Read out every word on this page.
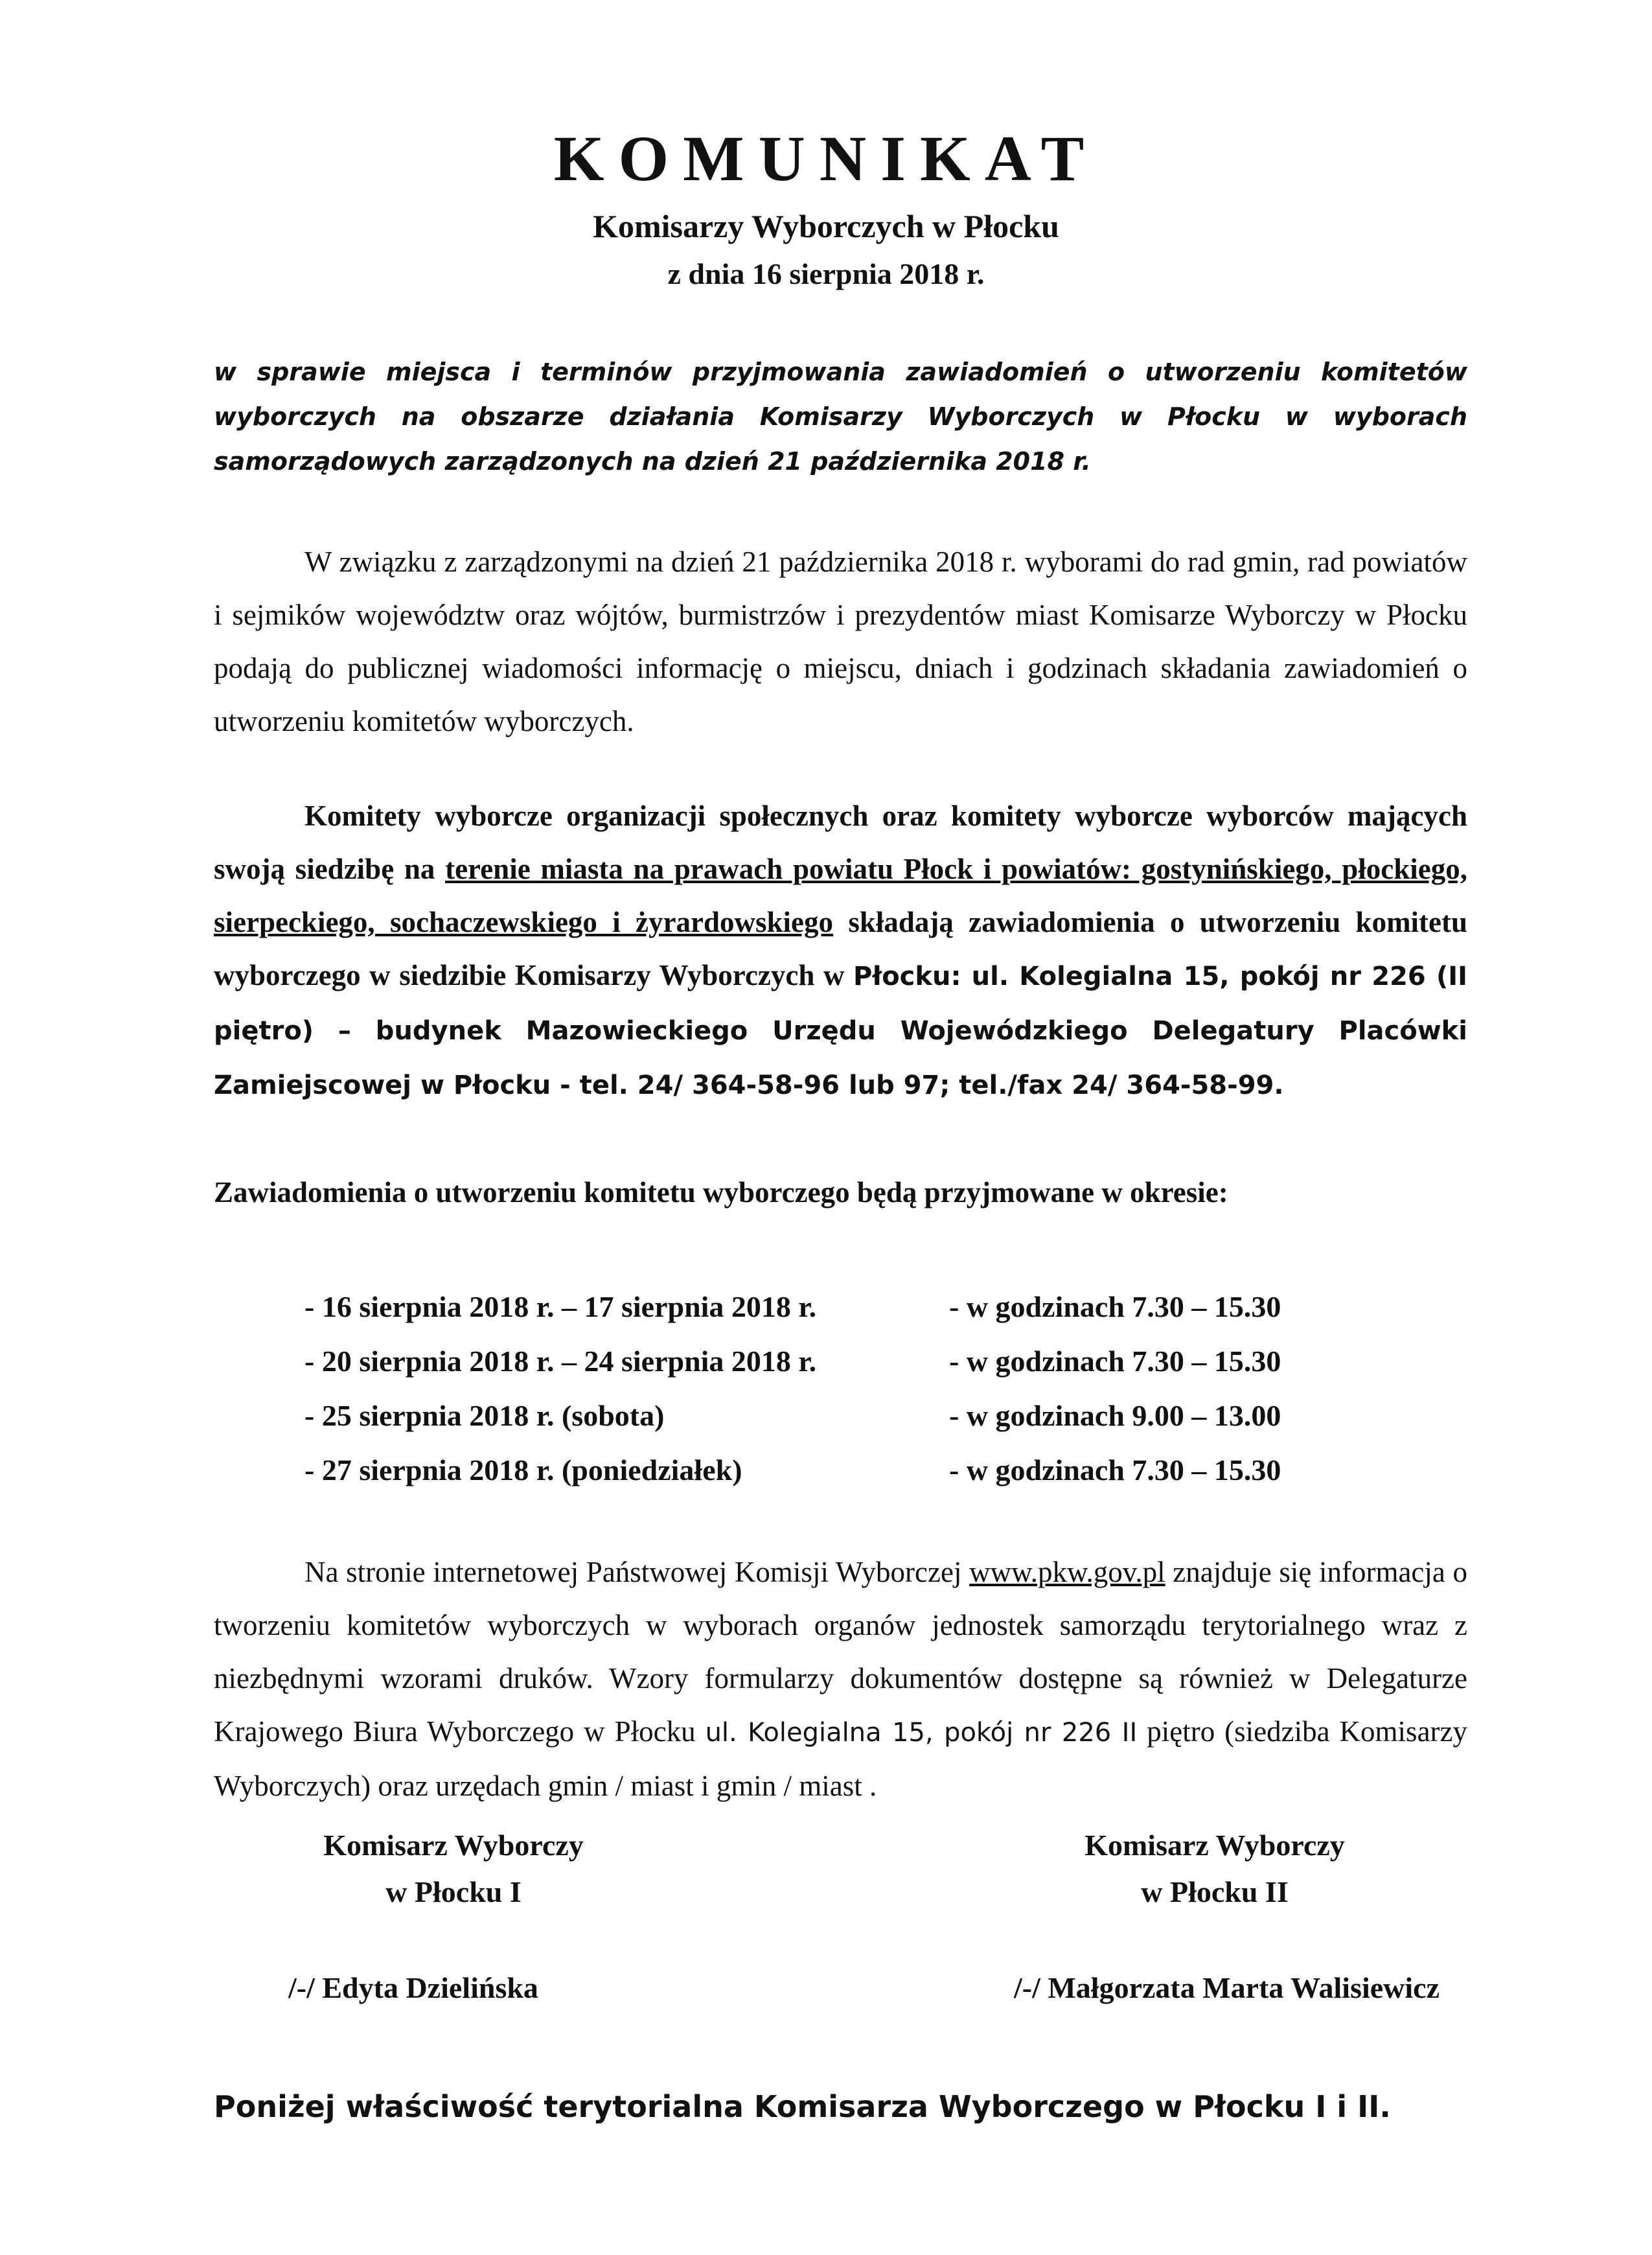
KOMUNIKAT
Komisarzy Wyborczych w Płocku
z dnia 16 sierpnia 2018 r.
w sprawie miejsca i terminów przyjmowania zawiadomień o utworzeniu komitetów wyborczych na obszarze działania Komisarzy Wyborczych w Płocku w wyborach samorządowych zarządzonych na dzień 21 października 2018 r.
W związku z zarządzonymi na dzień 21 października 2018 r. wyborami do rad gmin, rad powiatów i sejmików województw oraz wójtów, burmistrzów i prezydentów miast Komisarze Wyborczy w Płocku podają do publicznej wiadomości informację o miejscu, dniach i godzinach składania zawiadomień o utworzeniu komitetów wyborczych.
Komitety wyborcze organizacji społecznych oraz komitety wyborcze wyborców mających swoją siedzibę na terenie miasta na prawach powiatu Płock i powiatów: gostynińskiego, płockiego, sierpeckiego, sochaczewskiego i żyrardowskiego składają zawiadomienia o utworzeniu komitetu wyborczego w siedzibie Komisarzy Wyborczych w Płocku: ul. Kolegialna 15, pokój nr 226 (II piętro) – budynek Mazowieckiego Urzędu Wojewódzkiego Delegatury Placówki Zamiejscowej w Płocku - tel. 24/ 364-58-96 lub 97; tel./fax 24/ 364-58-99.
Zawiadomienia o utworzeniu komitetu wyborczego będą przyjmowane w okresie:
- 16 sierpnia 2018 r. – 17 sierpnia 2018 r.	- w godzinach 7.30 – 15.30
- 20 sierpnia 2018 r. – 24 sierpnia 2018 r.	- w godzinach 7.30 – 15.30
- 25 sierpnia 2018 r. (sobota)	- w godzinach 9.00 – 13.00
- 27 sierpnia 2018 r. (poniedziałek)	- w godzinach 7.30 – 15.30
Na stronie internetowej Państwowej Komisji Wyborczej www.pkw.gov.pl znajduje się informacja o tworzeniu komitetów wyborczych w wyborach organów jednostek samorządu terytorialnego wraz z niezbędnymi wzorami druków. Wzory formularzy dokumentów dostępne są również w Delegaturze Krajowego Biura Wyborczego w Płocku ul. Kolegialna 15, pokój nr 226 II piętro (siedziba Komisarzy Wyborczych) oraz urzędach gmin / miast i gmin / miast .
Komisarz Wyborczy
w Płocku I
Komisarz Wyborczy
w Płocku II
/-/ Edyta Dzielińska	/-/ Małgorzata Marta Walisiewicz
Poniżej właściwość terytorialna Komisarza Wyborczego w Płocku I i II.
